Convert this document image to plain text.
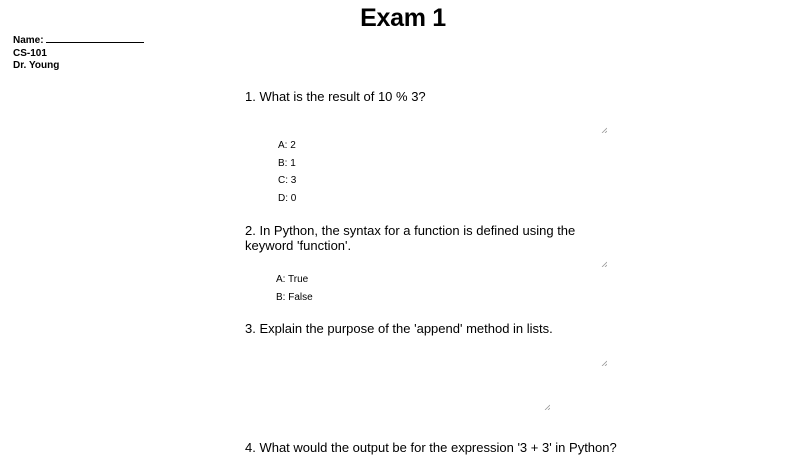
Exam 1
Name:
CS-101
Dr. Young
1. What is the result of 10 % 3?
A: 2
B: 1
C: 3
D: 0
2. In Python, the syntax for a function is defined using the keyword 'function'.
A: True
B: False
3. Explain the purpose of the 'append' method in lists.
4. What would the output be for the expression '3 + 3' in Python?
